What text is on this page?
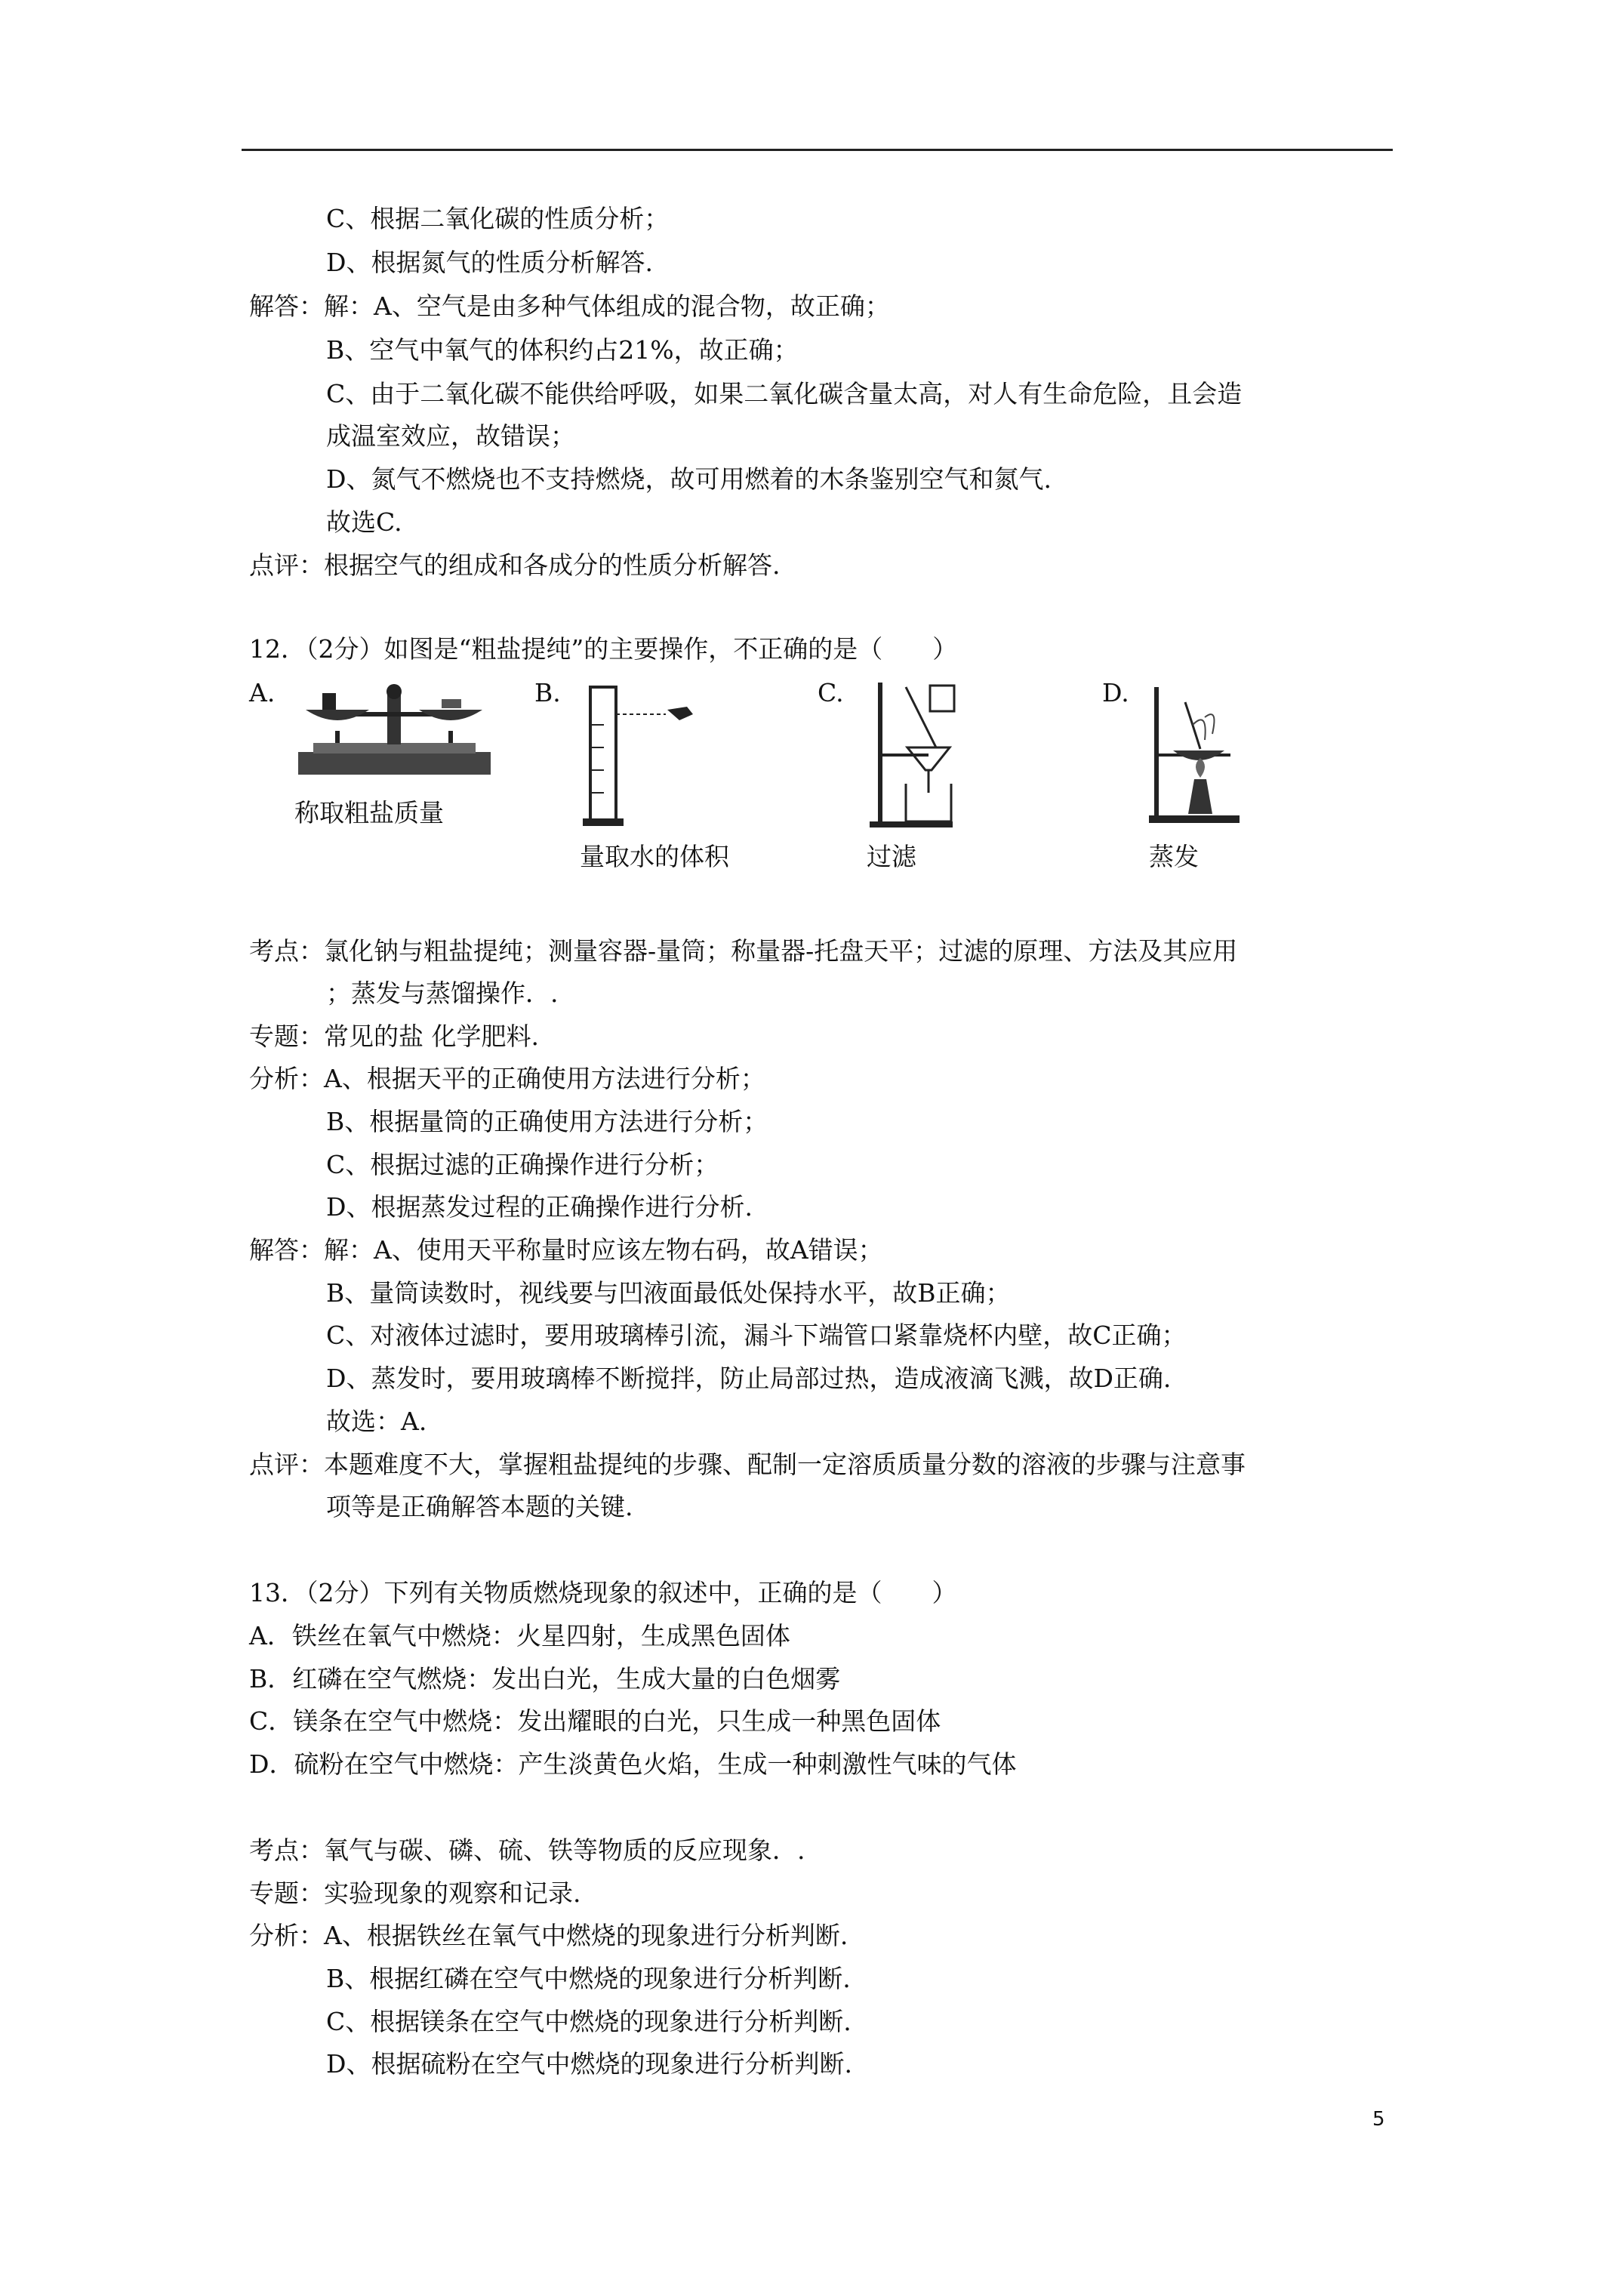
C、根据二氧化碳的性质分析；
D、根据氮气的性质分析解答.
解答：解：A、空气是由多种气体组成的混合物，故正确；
B、空气中氧气的体积约占21%，故正确；
C、由于二氧化碳不能供给呼吸，如果二氧化碳含量太高，对人有生命危险，且会造
成温室效应，故错误；
D、氮气不燃烧也不支持燃烧，故可用燃着的木条鉴别空气和氮气.
故选C.
点评：根据空气的组成和各成分的性质分析解答.
12．（2分）如图是“粗盐提纯”的主要操作，不正确的是（　　）
A.	B.	C.	D.
称取粗盐质量
量取水的体积	过滤	蒸发
考点：氯化钠与粗盐提纯；测量容器-量筒；称量器-托盘天平；过滤的原理、方法及其应用
；蒸发与蒸馏操作．.
专题：常见的盐 化学肥料.
分析：A、根据天平的正确使用方法进行分析；
B、根据量筒的正确使用方法进行分析；
C、根据过滤的正确操作进行分析；
D、根据蒸发过程的正确操作进行分析.
解答：解：A、使用天平称量时应该左物右码，故A错误；
B、量筒读数时，视线要与凹液面最低处保持水平，故B正确；
C、对液体过滤时，要用玻璃棒引流，漏斗下端管口紧靠烧杯内壁，故C正确；
D、蒸发时，要用玻璃棒不断搅拌，防止局部过热，造成液滴飞溅，故D正确.
故选：A.
点评：本题难度不大，掌握粗盐提纯的步骤、配制一定溶质质量分数的溶液的步骤与注意事
项等是正确解答本题的关键.
13．（2分）下列有关物质燃烧现象的叙述中，正确的是（　　）
A．铁丝在氧气中燃烧：火星四射，生成黑色固体
B．红磷在空气燃烧：发出白光，生成大量的白色烟雾
C．镁条在空气中燃烧：发出耀眼的白光，只生成一种黑色固体
D．硫粉在空气中燃烧：产生淡黄色火焰，生成一种刺激性气味的气体
考点：氧气与碳、磷、硫、铁等物质的反应现象．.
专题：实验现象的观察和记录.
分析：A、根据铁丝在氧气中燃烧的现象进行分析判断.
B、根据红磷在空气中燃烧的现象进行分析判断.
C、根据镁条在空气中燃烧的现象进行分析判断.
D、根据硫粉在空气中燃烧的现象进行分析判断.
5
